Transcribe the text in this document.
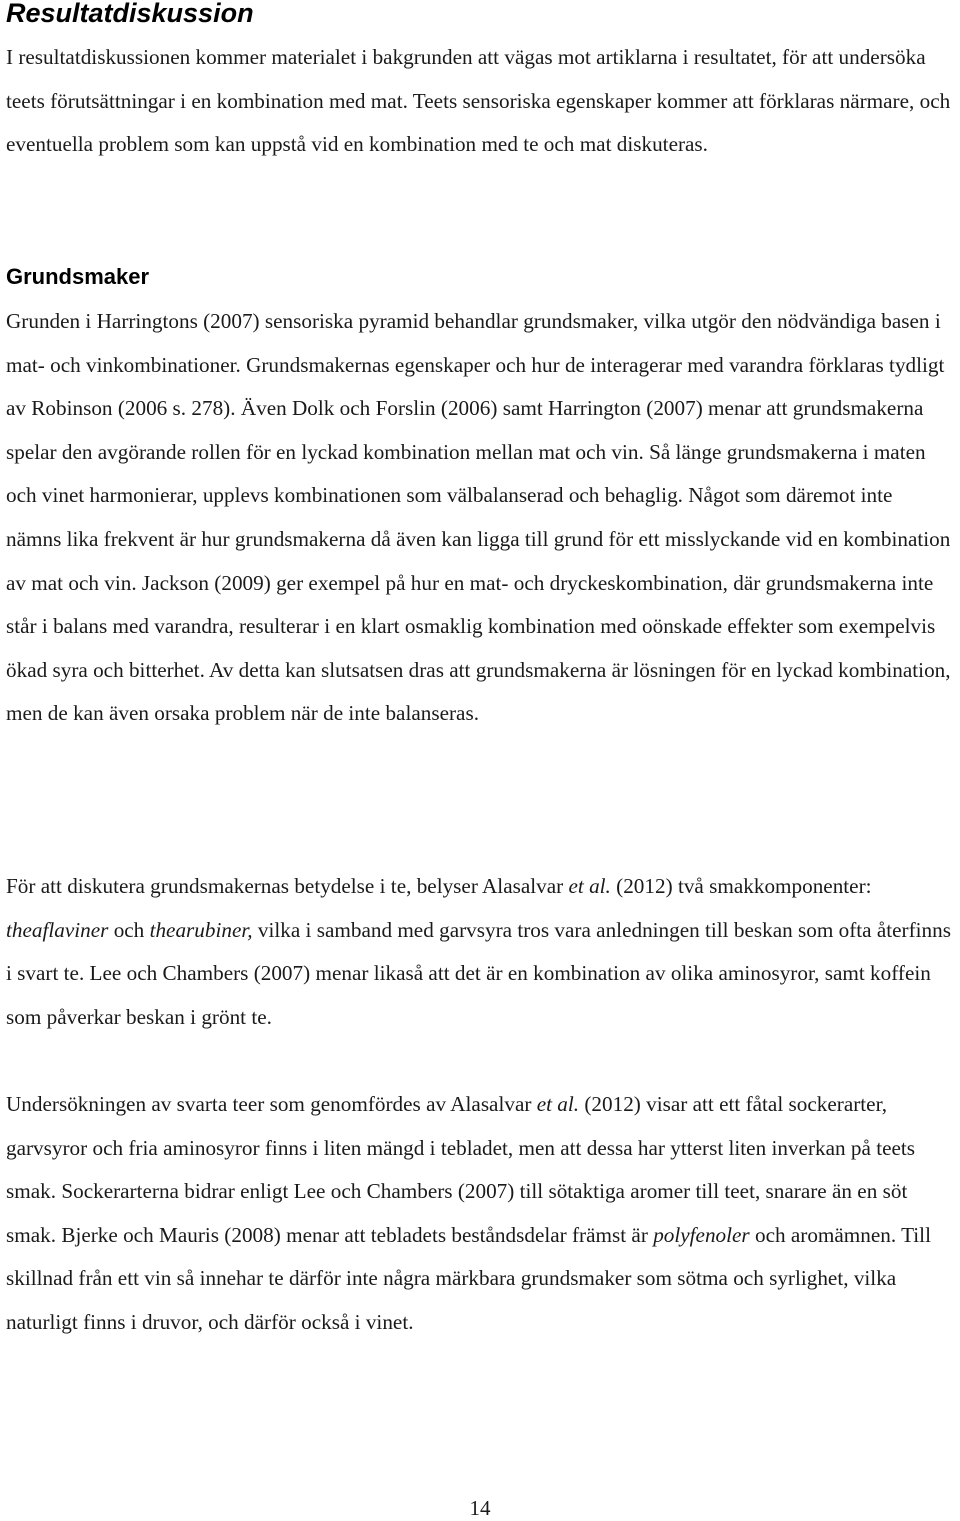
Resultatdiskussion

I resultatdiskussionen kommer materialet i bakgrunden att vägas mot artiklarna i resultatet, för att undersöka teets förutsättningar i en kombination med mat. Teets sensoriska egenskaper kommer att förklaras närmare, och eventuella problem som kan uppstå vid en kombination med te och mat diskuteras.

Grundsmaker

Grunden i Harringtons (2007) sensoriska pyramid behandlar grundsmaker, vilka utgör den nödvändiga basen i mat- och vinkombinationer. Grundsmakernas egenskaper och hur de interagerar med varandra förklaras tydligt av Robinson (2006 s. 278). Även Dolk och Forslin (2006) samt Harrington (2007) menar att grundsmakerna spelar den avgörande rollen för en lyckad kombination mellan mat och vin. Så länge grundsmakerna i maten och vinet harmonierar, upplevs kombinationen som välbalanserad och behaglig. Något som däremot inte nämns lika frekvent är hur grundsmakerna då även kan ligga till grund för ett misslyckande vid en kombination av mat och vin. Jackson (2009) ger exempel på hur en mat- och dryckeskombination, där grundsmakerna inte står i balans med varandra, resulterar i en klart osmaklig kombination med oönskade effekter som exempelvis ökad syra och bitterhet. Av detta kan slutsatsen dras att grundsmakerna är lösningen för en lyckad kombination, men de kan även orsaka problem när de inte balanseras.

För att diskutera grundsmakernas betydelse i te, belyser Alasalvar et al. (2012) två smakkomponenter: theaflaviner och thearubiner, vilka i samband med garvsyra tros vara anledningen till beskan som ofta återfinns i svart te. Lee och Chambers (2007) menar likaså att det är en kombination av olika aminosyror, samt koffein som påverkar beskan i grönt te.

Undersökningen av svarta teer som genomfördes av Alasalvar et al. (2012) visar att ett fåtal sockerarter, garvsyror och fria aminosyror finns i liten mängd i tebladet, men att dessa har ytterst liten inverkan på teets smak. Sockerarterna bidrar enligt Lee och Chambers (2007) till sötaktiga aromer till teet, snarare än en söt smak. Bjerke och Mauris (2008) menar att tebladets beståndsdelar främst är polyfenoler och aromämnen. Till skillnad från ett vin så innehar te därför inte några märkbara grundsmaker som sötma och syrlighet, vilka naturligt finns i druvor, och därför också i vinet.

14
